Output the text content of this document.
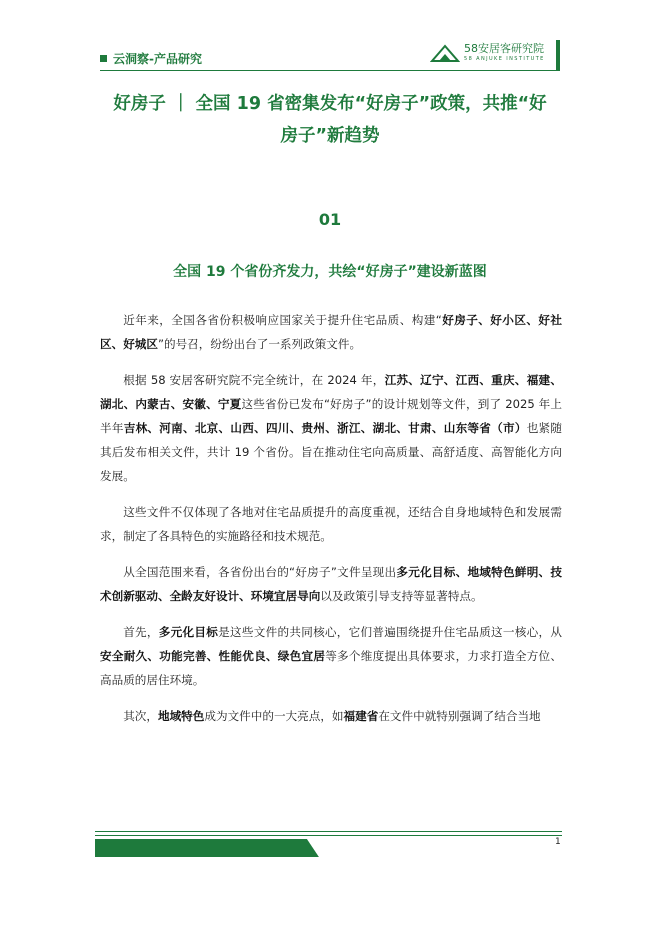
云洞察-产品研究
58安居客研究院
58 ANJUKE INSTITUTE
好房子 ｜ 全国 19 省密集发布“好房子”政策，共推“好
房子”新趋势
01
全国 19 个省份齐发力，共绘“好房子”建设新蓝图

近年来，全国各省份积极响应国家关于提升住宅品质、构建“好房子、好小区、好社区、好城区”的号召，纷纷出台了一系列政策文件。

根据 58 安居客研究院不完全统计，在 2024 年，江苏、辽宁、江西、重庆、福建、湖北、内蒙古、安徽、宁夏这些省份已发布“好房子”的设计规划等文件，到了 2025 年上半年吉林、河南、北京、山西、四川、贵州、浙江、湖北、甘肃、山东等省（市）也紧随其后发布相关文件，共计 19 个省份。旨在推动住宅向高质量、高舒适度、高智能化方向发展。

这些文件不仅体现了各地对住宅品质提升的高度重视，还结合自身地域特色和发展需求，制定了各具特色的实施路径和技术规范。

从全国范围来看，各省份出台的“好房子”文件呈现出多元化目标、地域特色鲜明、技术创新驱动、全龄友好设计、环境宜居导向以及政策引导支持等显著特点。

首先，多元化目标是这些文件的共同核心，它们普遍围绕提升住宅品质这一核心，从安全耐久、功能完善、性能优良、绿色宜居等多个维度提出具体要求，力求打造全方位、高品质的居住环境。

其次，地域特色成为文件中的一大亮点，如福建省在文件中就特别强调了结合当地

1
